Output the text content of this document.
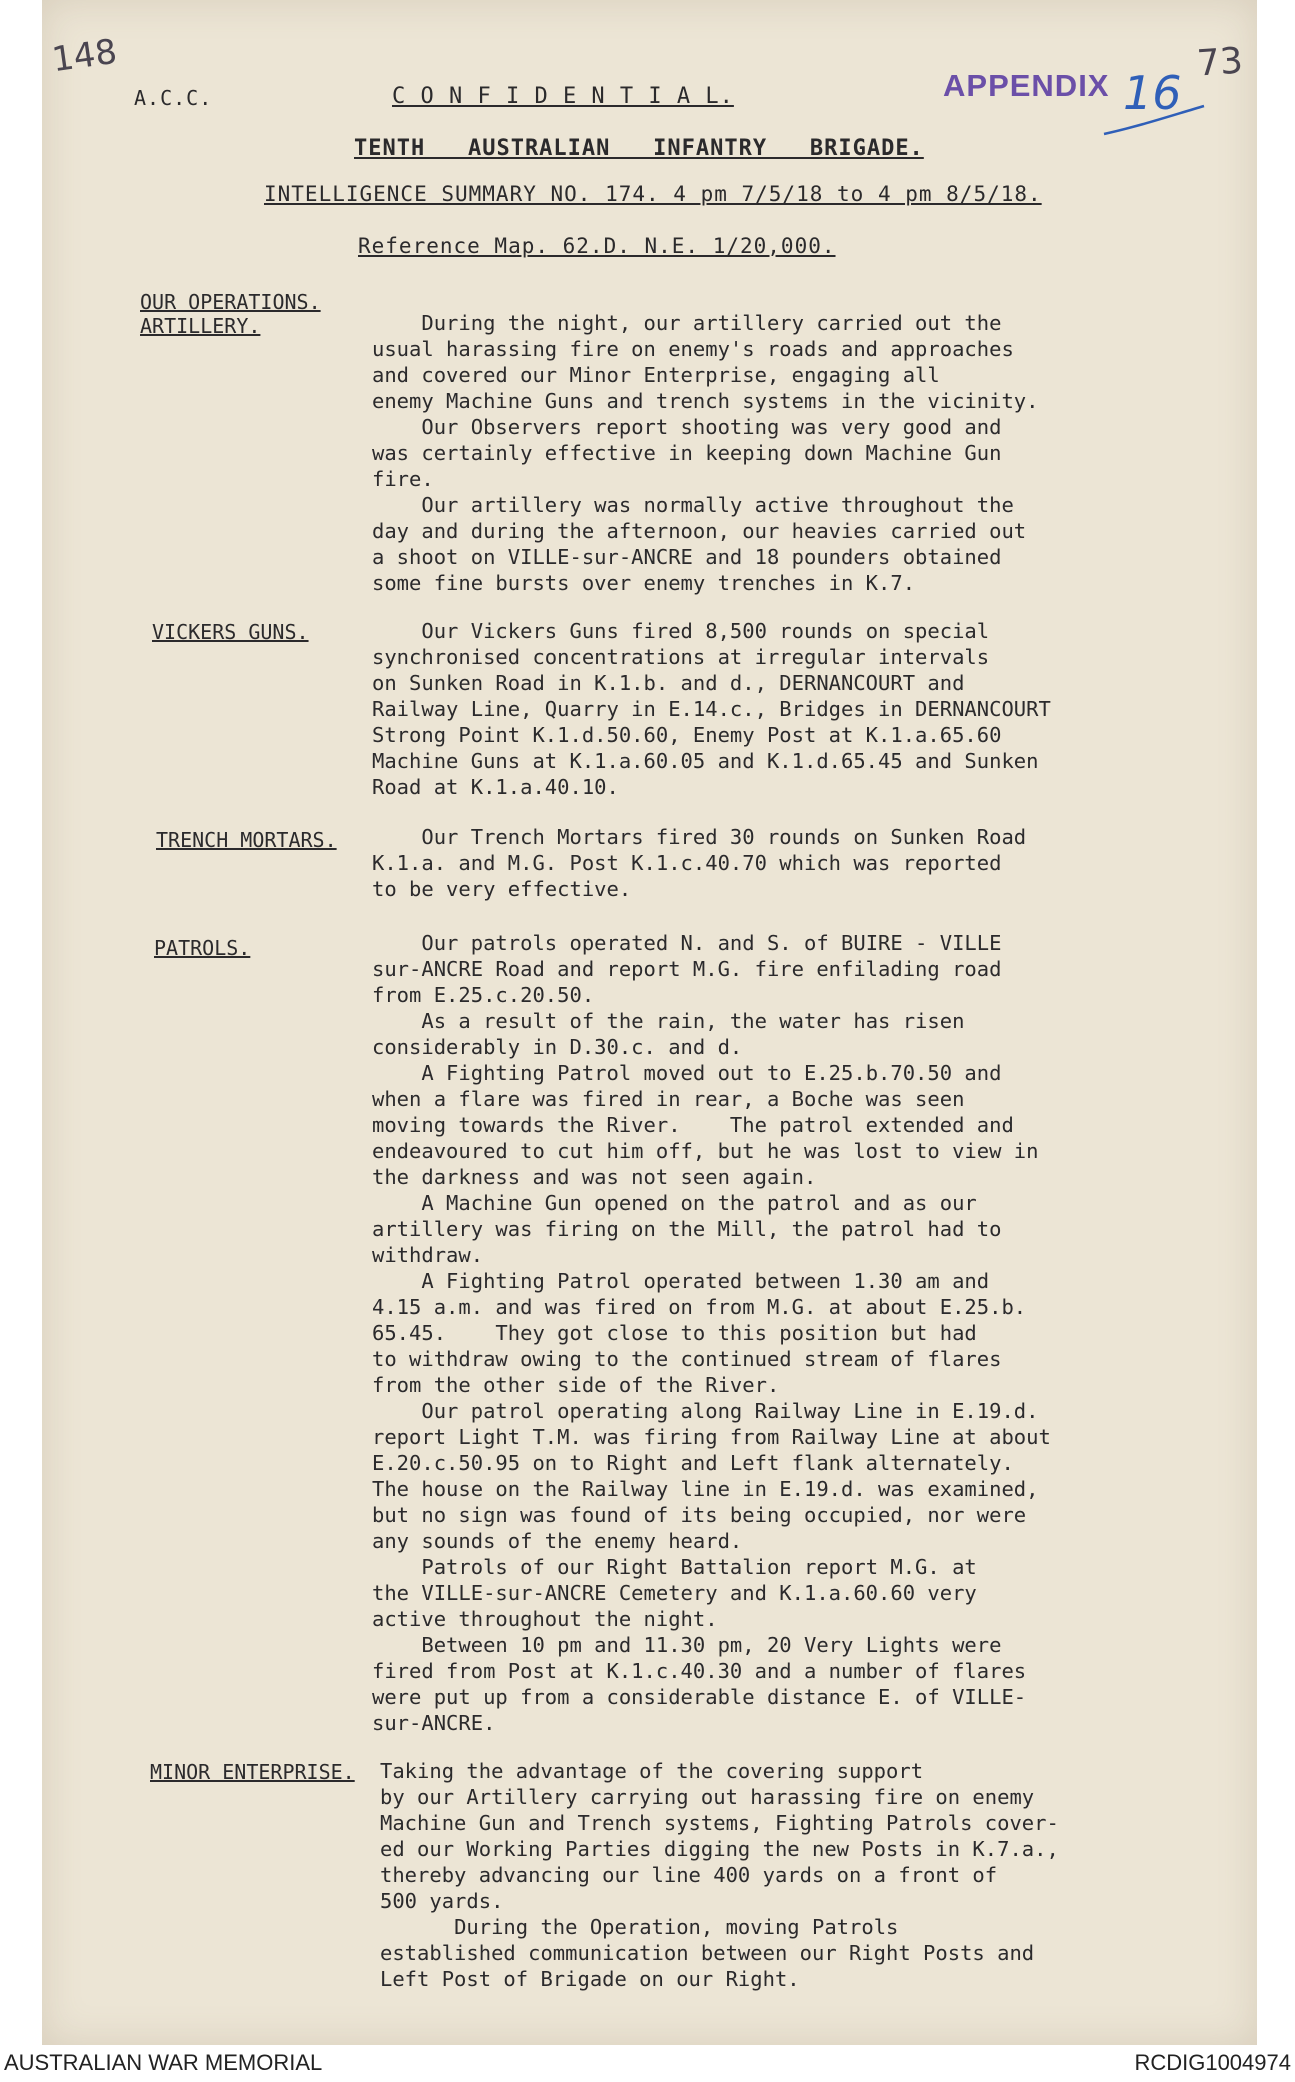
148	73
APPENDIX 16
A.C.C.	C O N F I D E N T I A L.
TENTH   AUSTRALIAN   INFANTRY   BRIGADE.
INTELLIGENCE SUMMARY NO. 174. 4 pm 7/5/18 to 4 pm 8/5/18.
Reference Map. 62.D. N.E. 1/20,000.
OUR OPERATIONS.
ARTILLERY.	During the night, our artillery carried out the
usual harassing fire on enemy's roads and approaches
and covered our Minor Enterprise, engaging all
enemy Machine Guns and trench systems in the vicinity.
Our Observers report shooting was very good and
was certainly effective in keeping down Machine Gun
fire.
Our artillery was normally active throughout the
day and during the afternoon, our heavies carried out
a shoot on VILLE-sur-ANCRE and 18 pounders obtained
some fine bursts over enemy trenches in K.7.

VICKERS GUNS.	Our Vickers Guns fired 8,500 rounds on special
synchronised concentrations at irregular intervals
on Sunken Road in K.1.b. and d., DERNANCOURT and
Railway Line, Quarry in E.14.c., Bridges in DERNANCOURT
Strong Point K.1.d.50.60, Enemy Post at K.1.a.65.60
Machine Guns at K.1.a.60.05 and K.1.d.65.45 and Sunken
Road at K.1.a.40.10.

TRENCH MORTARS.	Our Trench Mortars fired 30 rounds on Sunken Road
K.1.a. and M.G. Post K.1.c.40.70 which was reported
to be very effective.

PATROLS.	Our patrols operated N. and S. of BUIRE - VILLE
sur-ANCRE Road and report M.G. fire enfilading road
from E.25.c.20.50.
As a result of the rain, the water has risen
considerably in D.30.c. and d.
A Fighting Patrol moved out to E.25.b.70.50 and
when a flare was fired in rear, a Boche was seen
moving towards the River.    The patrol extended and
endeavoured to cut him off, but he was lost to view in
the darkness and was not seen again.
A Machine Gun opened on the patrol and as our
artillery was firing on the Mill, the patrol had to
withdraw.
A Fighting Patrol operated between 1.30 am and
4.15 a.m. and was fired on from M.G. at about E.25.b.
65.45.    They got close to this position but had
to withdraw owing to the continued stream of flares
from the other side of the River.
Our patrol operating along Railway Line in E.19.d.
report Light T.M. was firing from Railway Line at about
E.20.c.50.95 on to Right and Left flank alternately.
The house on the Railway line in E.19.d. was examined,
but no sign was found of its being occupied, nor were
any sounds of the enemy heard.
Patrols of our Right Battalion report M.G. at
the VILLE-sur-ANCRE Cemetery and K.1.a.60.60 very
active throughout the night.
Between 10 pm and 11.30 pm, 20 Very Lights were
fired from Post at K.1.c.40.30 and a number of flares
were put up from a considerable distance E. of VILLE-
sur-ANCRE.

MINOR ENTERPRISE. Taking the advantage of the covering support
by our Artillery carrying out harassing fire on enemy
Machine Gun and Trench systems, Fighting Patrols cover-
ed our Working Parties digging the new Posts in K.7.a.,
thereby advancing our line 400 yards on a front of
500 yards.
During the Operation, moving Patrols
established communication between our Right Posts and
Left Post of Brigade on our Right.

AUSTRALIAN WAR MEMORIAL	RCDIG1004974
